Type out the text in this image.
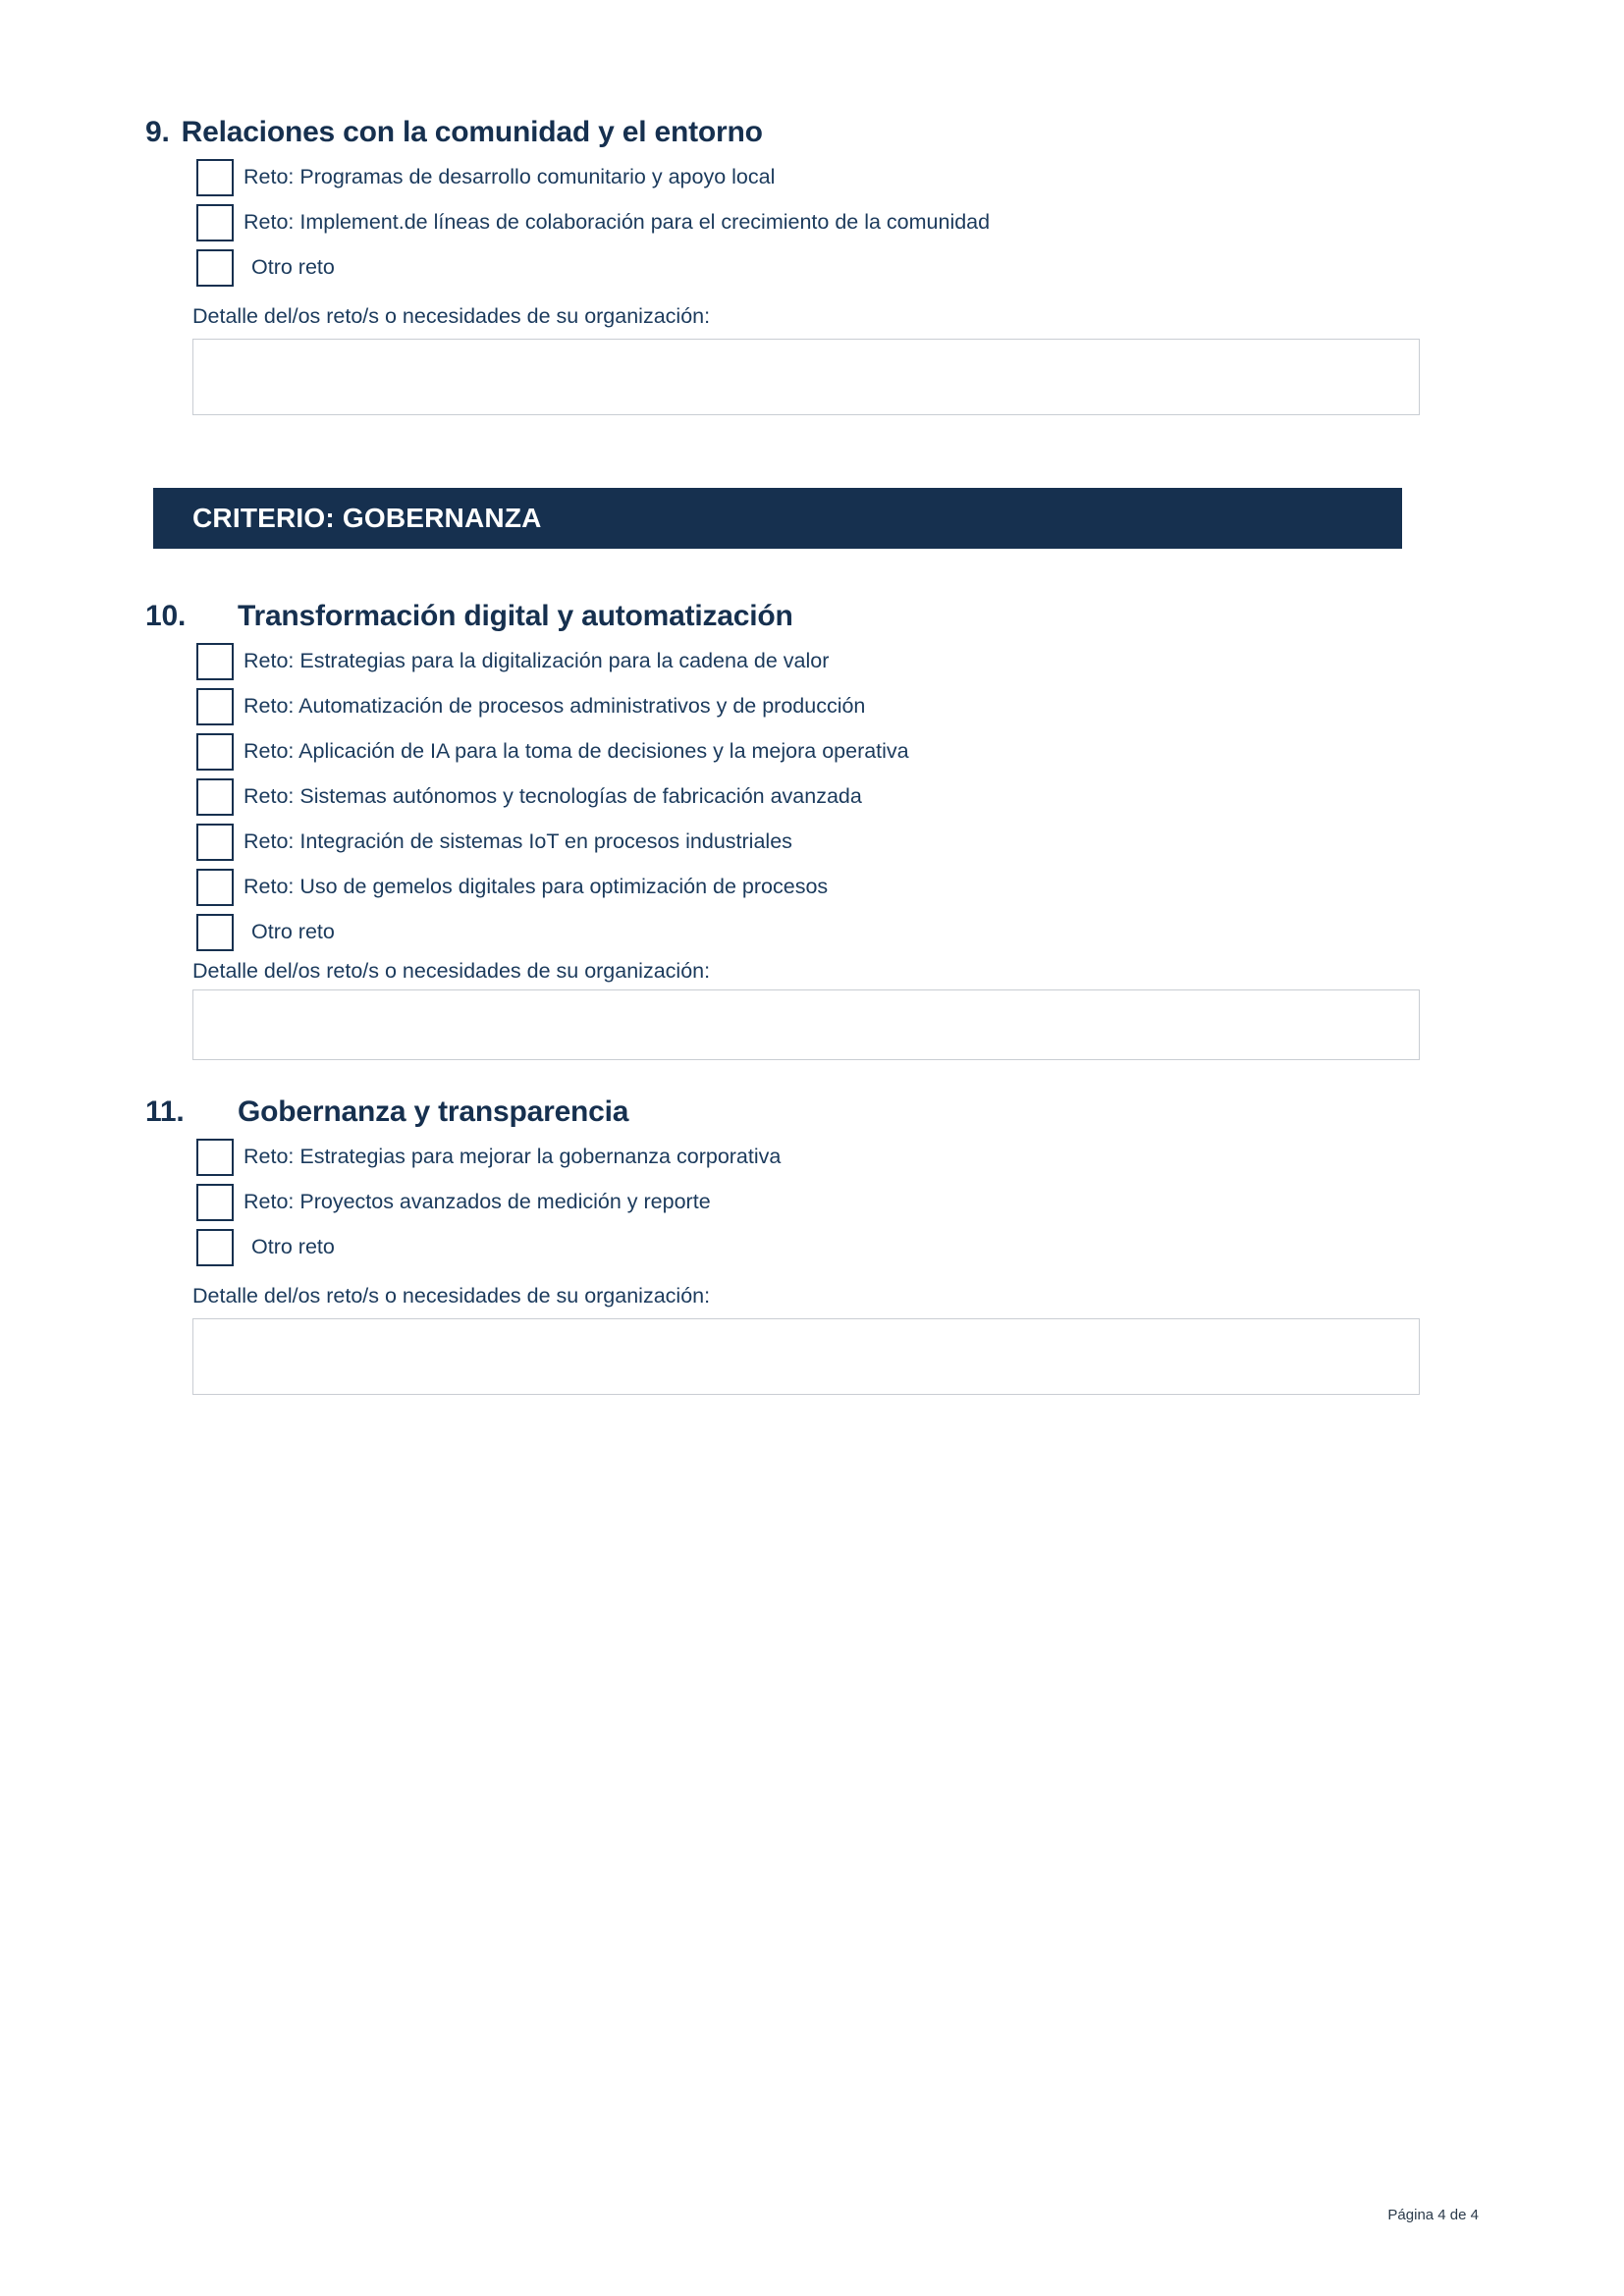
9. Relaciones con la comunidad y el entorno
Reto: Programas de desarrollo comunitario y apoyo local
Reto: Implement.de líneas de colaboración para el crecimiento de la comunidad
Otro reto
Detalle del/os reto/s o necesidades de su organización:
CRITERIO: GOBERNANZA
10.	Transformación digital y automatización
Reto: Estrategias para la digitalización para la cadena de valor
Reto: Automatización de procesos administrativos y de producción
Reto: Aplicación de IA para la toma de decisiones y la mejora operativa
Reto: Sistemas autónomos y tecnologías de fabricación avanzada
Reto: Integración de sistemas IoT en procesos industriales
Reto: Uso de gemelos digitales para optimización de procesos
Otro reto
Detalle del/os reto/s o necesidades de su organización:
11.	Gobernanza y transparencia
Reto: Estrategias para mejorar la gobernanza corporativa
Reto: Proyectos avanzados de medición y reporte
Otro reto
Detalle del/os reto/s o necesidades de su organización:
Página 4 de 4
